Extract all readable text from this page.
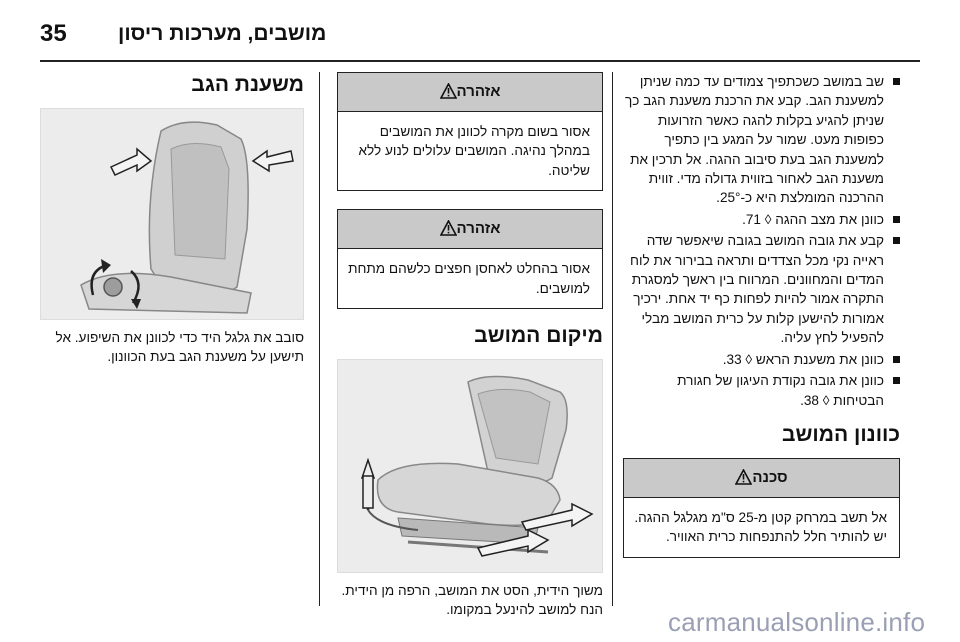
35 מושבים, מערכות ריסון
שב במושב כשכתפיך צמודים עד כמה שניתן למשענת הגב. קבע את הרכנת משענת הגב כך שניתן להגיע בקלות להגה כאשר הזרועות כפופות מעט. שמור על המגע בין כתפיך למשענת הגב בעת סיבוב ההגה. אל תרכין את משענת הגב לאחור בזווית גדולה מדי. זווית ההרכנה המומלצת היא כ-25°.
כוונן את מצב ההגה ◊ 71.
קבע את גובה המושב בגובה שיאפשר שדה ראייה נקי מכל הצדדים ותראה בבירור את לוח המדים והמחוונים. המרווח בין ראשך למסגרת התקרה אמור להיות לפחות כף יד אחת. ירכיך אמורות להישען קלות על כרית המושב מבלי להפעיל לחץ עליה.
כוונן את משענת הראש ◊ 33.
כוונן את גובה נקודת העיגון של חגורת הבטיחות ◊ 38.
כוונון המושב
סכנה
אל תשב במרחק קטן מ-25 ס"מ מגלגל ההגה. יש להותיר חלל להתנפחות כרית האוויר.
אזהרה
אסור בשום מקרה לכוונן את המושבים במהלך נהיגה. המושבים עלולים לנוע ללא שליטה.
אזהרה
אסור בהחלט לאחסן חפצים כלשהם מתחת למושבים.
מיקום המושב
משוך הידית, הסט את המושב, הרפה מן הידית. הנח למושב להינעל במקומו.
משענת הגב
סובב את גלגל היד כדי לכוונן את השיפוע. אל תישען על משענת הגב בעת הכוונון.
carmanualsonline.info
